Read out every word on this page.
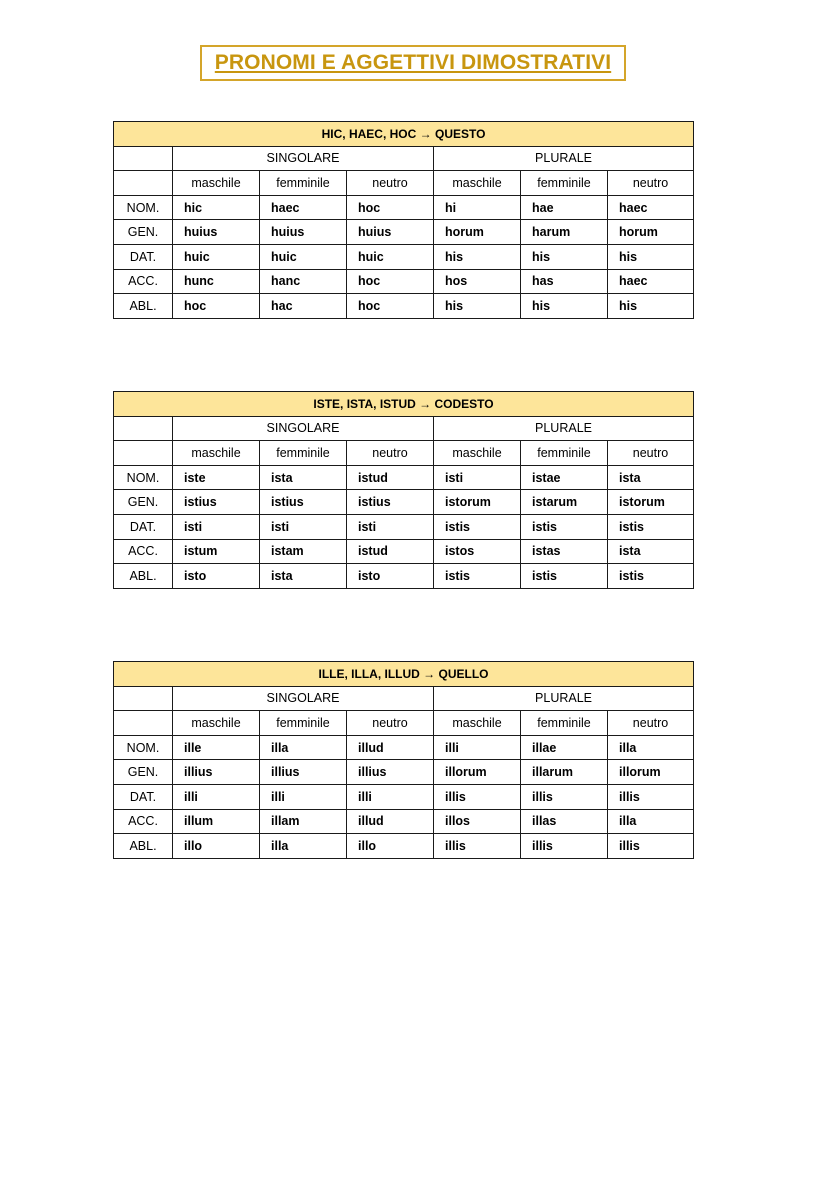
PRONOMI E AGGETTIVI DIMOSTRATIVI
HIC, HAEC, HOC → QUESTO						
	SINGOLARE			PLURALE		
	maschile	femminile	neutro	maschile	femminile	neutro
NOM.	hic	haec	hoc	hi	hae	haec
GEN.	huius	huius	huius	horum	harum	horum
DAT.	huic	huic	huic	his	his	his
ACC.	hunc	hanc	hoc	hos	has	haec
ABL.	hoc	hac	hoc	his	his	his
ISTE, ISTA, ISTUD → CODESTO						
	SINGOLARE			PLURALE		
	maschile	femminile	neutro	maschile	femminile	neutro
NOM.	iste	ista	istud	isti	istae	ista
GEN.	istius	istius	istius	istorum	istarum	istorum
DAT.	isti	isti	isti	istis	istis	istis
ACC.	istum	istam	istud	istos	istas	ista
ABL.	isto	ista	isto	istis	istis	istis
ILLE, ILLA, ILLUD → QUELLO						
	SINGOLARE			PLURALE		
	maschile	femminile	neutro	maschile	femminile	neutro
NOM.	ille	illa	illud	illi	illae	illa
GEN.	illius	illius	illius	illorum	illarum	illorum
DAT.	illi	illi	illi	illis	illis	illis
ACC.	illum	illam	illud	illos	illas	illa
ABL.	illo	illa	illo	illis	illis	illis
